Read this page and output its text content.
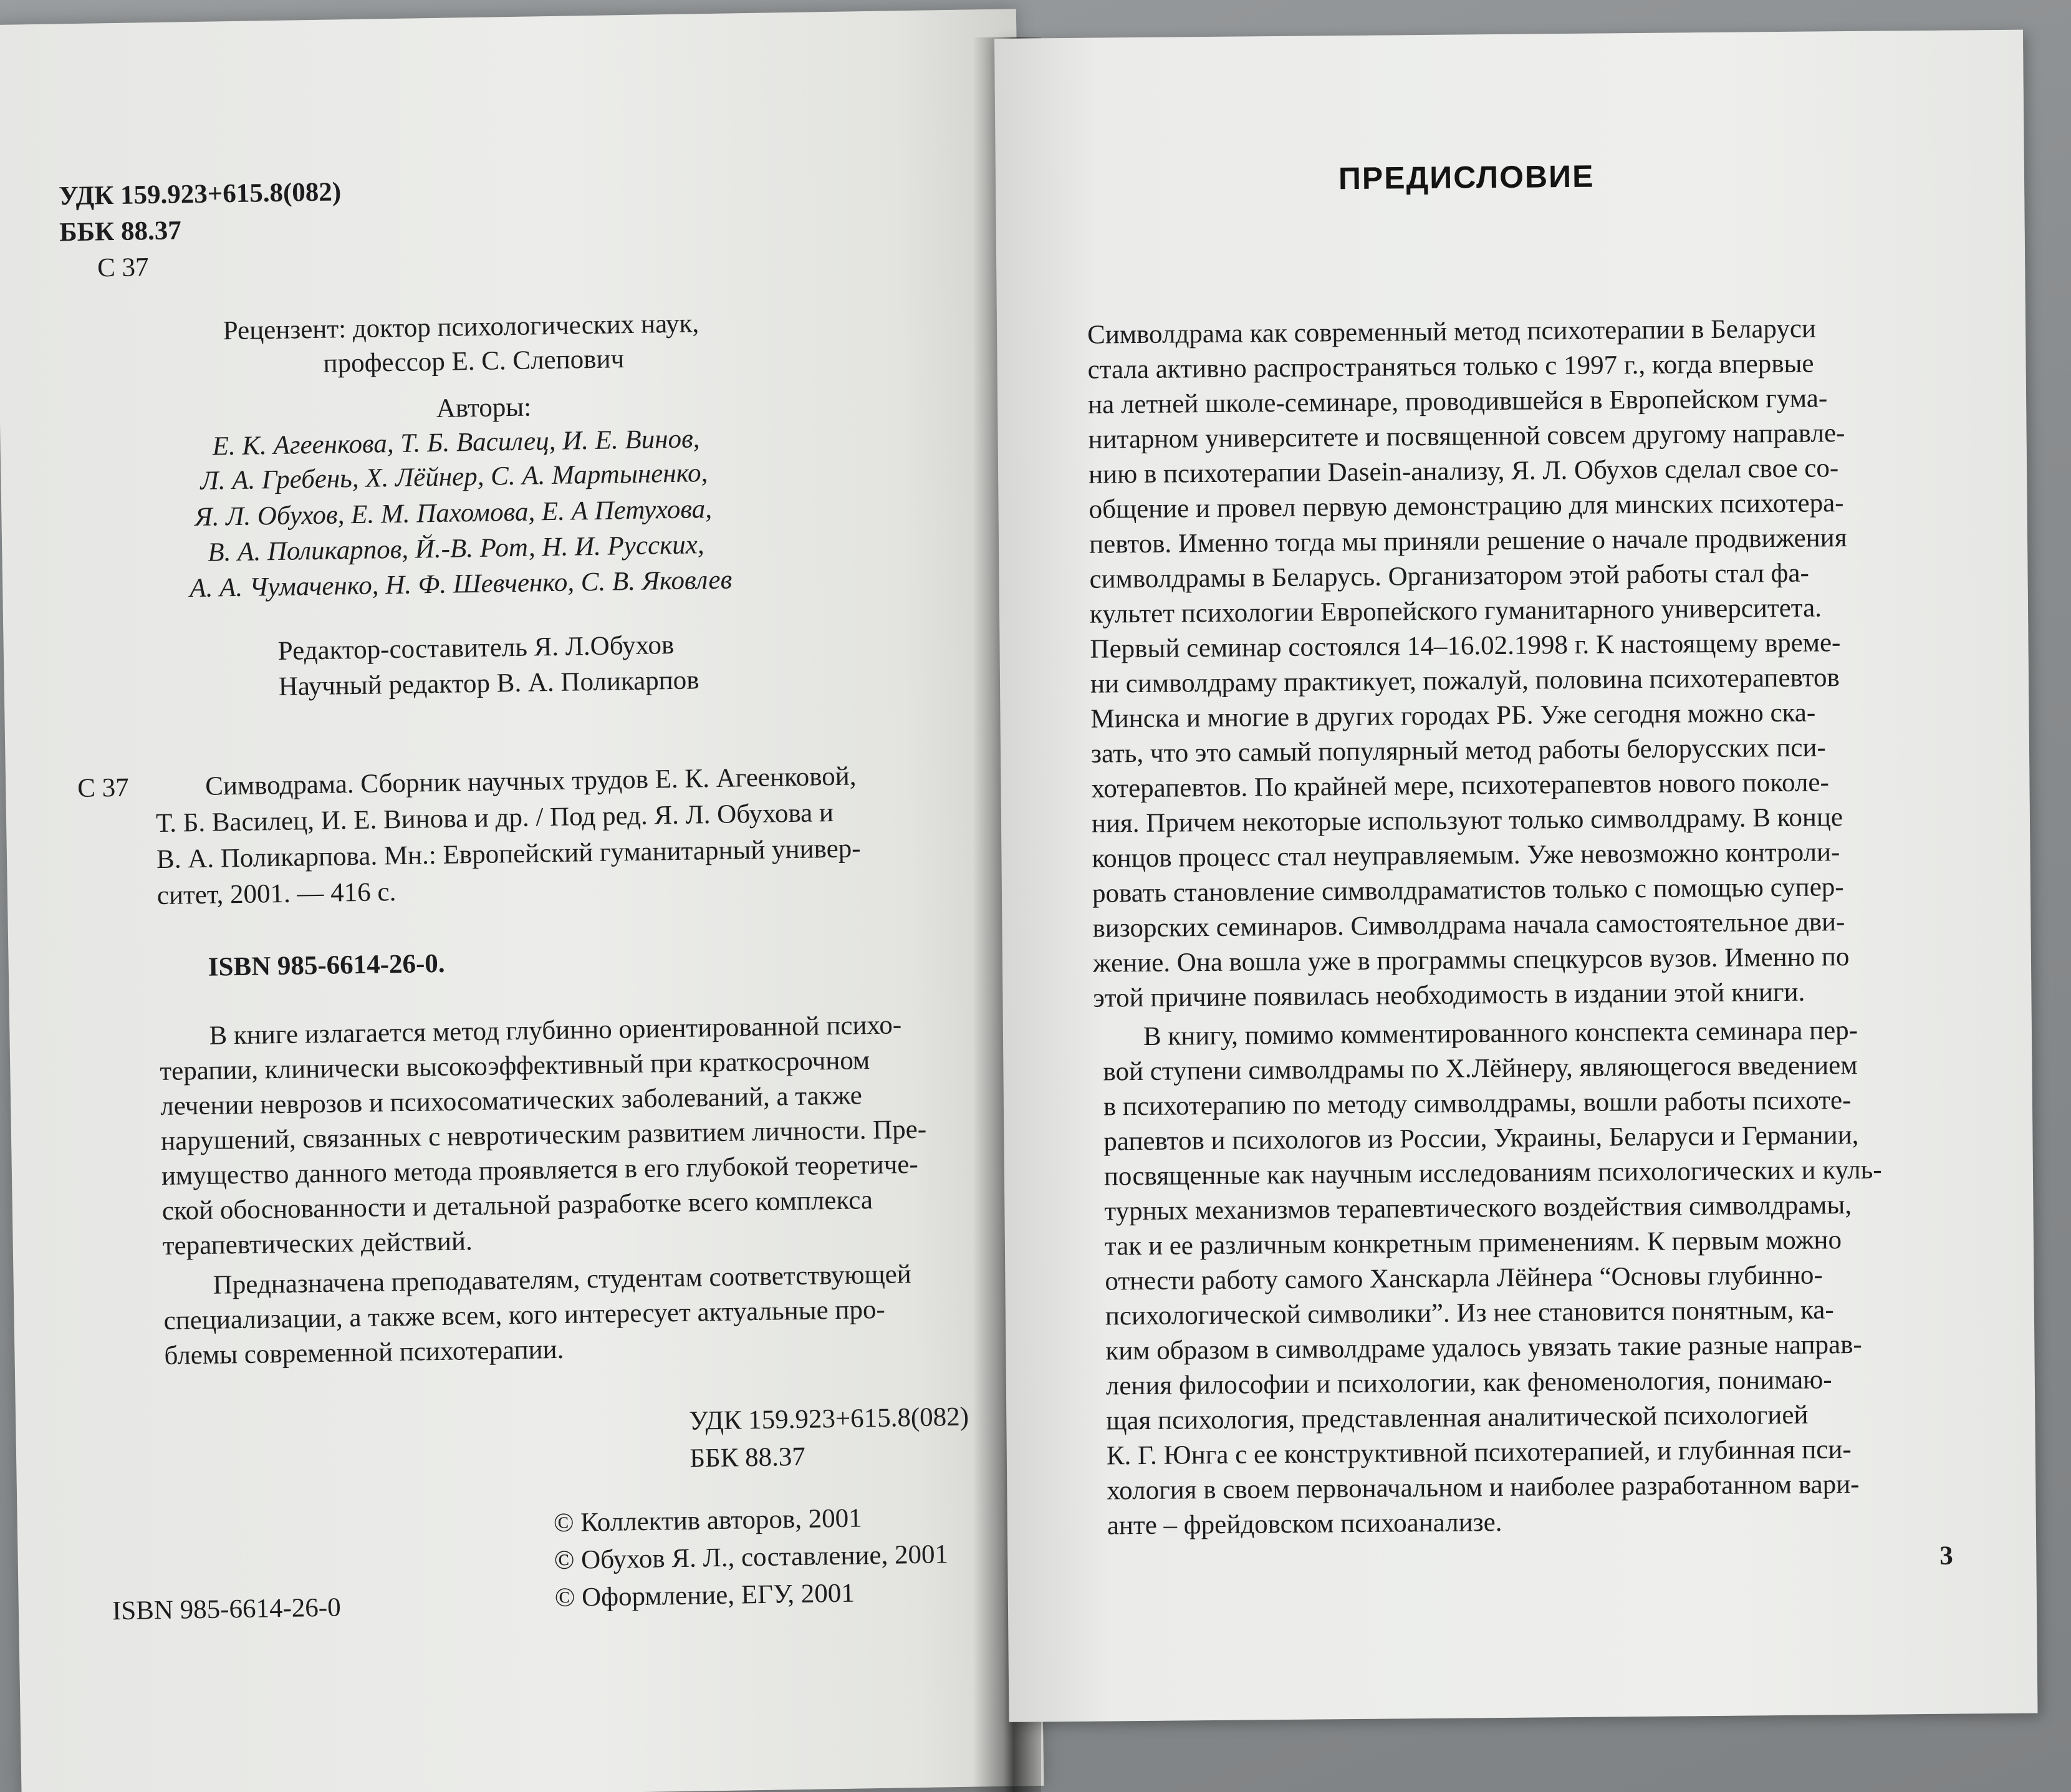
УДК 159.923+615.8(082)
ББК 88.37
С 37
Рецензент: доктор психологических наук,
профессор Е. С. Слепович
Авторы:
Е. К. Агеенкова, Т. Б. Василец, И. Е. Винов,
Л. А. Гребень, Х. Лёйнер, С. А. Мартыненко,
Я. Л. Обухов, Е. М. Пахомова, Е. А Петухова,
В. А. Поликарпов, Й.-В. Рот, Н. И. Русских,
А. А. Чумаченко, Н. Ф. Шевченко, С. В. Яковлев
Редактор-составитель Я. Л.Обухов
Научный редактор В. А. Поликарпов
С 37	Симводрама. Сборник научных трудов Е. К. Агеенковой,
Т. Б. Василец, И. Е. Винова и др. / Под ред. Я. Л. Обухова и
В. А. Поликарпова. Мн.: Европейский гуманитарный универ-
ситет, 2001. — 416 с.
ISBN 985-6614-26-0.
В книге излагается метод глубинно ориентированной психо-
терапии, клинически высокоэффективный при краткосрочном
лечении неврозов и психосоматических заболеваний, а также
нарушений, связанных с невротическим развитием личности. Пре-
имущество данного метода проявляется в его глубокой теоретиче-
ской обоснованности и детальной разработке всего комплекса
терапевтических действий.
Предназначена преподавателям, студентам соответствующей
специализации, а также всем, кого интересует актуальные про-
блемы современной психотерапии.
УДК 159.923+615.8(082)
ББК 88.37
© Коллектив авторов, 2001
© Обухов Я. Л., составление, 2001
© Оформление, ЕГУ, 2001
ISBN 985-6614-26-0
ПРЕДИСЛОВИЕ
Символдрама как современный метод психотерапии в Беларуси
стала активно распространяться только с 1997 г., когда впервые
на летней школе-семинаре, проводившейся в Европейском гума-
нитарном университете и посвященной совсем другому направле-
нию в психотерапии Dasein-анализу, Я. Л. Обухов сделал свое со-
общение и провел первую демонстрацию для минских психотера-
певтов. Именно тогда мы приняли решение о начале продвижения
символдрамы в Беларусь. Организатором этой работы стал фа-
культет психологии Европейского гуманитарного университета.
Первый семинар состоялся 14–16.02.1998 г. К настоящему време-
ни символдраму практикует, пожалуй, половина психотерапевтов
Минска и многие в других городах РБ. Уже сегодня можно ска-
зать, что это самый популярный метод работы белорусских пси-
хотерапевтов. По крайней мере, психотерапевтов нового поколе-
ния. Причем некоторые используют только символдраму. В конце
концов процесс стал неуправляемым. Уже невозможно контроли-
ровать становление символдраматистов только с помощью супер-
визорских семинаров. Символдрама начала самостоятельное дви-
жение. Она вошла уже в программы спецкурсов вузов. Именно по
этой причине появилась необходимость в издании этой книги.
В книгу, помимо комментированного конспекта семинара пер-
вой ступени символдрамы по Х.Лёйнеру, являющегося введением
в психотерапию по методу символдрамы, вошли работы психоте-
рапевтов и психологов из России, Украины, Беларуси и Германии,
посвященные как научным исследованиям психологических и куль-
турных механизмов терапевтического воздействия символдрамы,
так и ее различным конкретным применениям. К первым можно
отнести работу самого Ханскарла Лёйнера “Основы глубинно-
психологической символики”. Из нее становится понятным, ка-
ким образом в символдраме удалось увязать такие разные направ-
ления философии и психологии, как феноменология, понимаю-
щая психология, представленная аналитической психологией
К. Г. Юнга с ее конструктивной психотерапией, и глубинная пси-
хология в своем первоначальном и наиболее разработанном вари-
анте – фрейдовском психоанализе.
3
